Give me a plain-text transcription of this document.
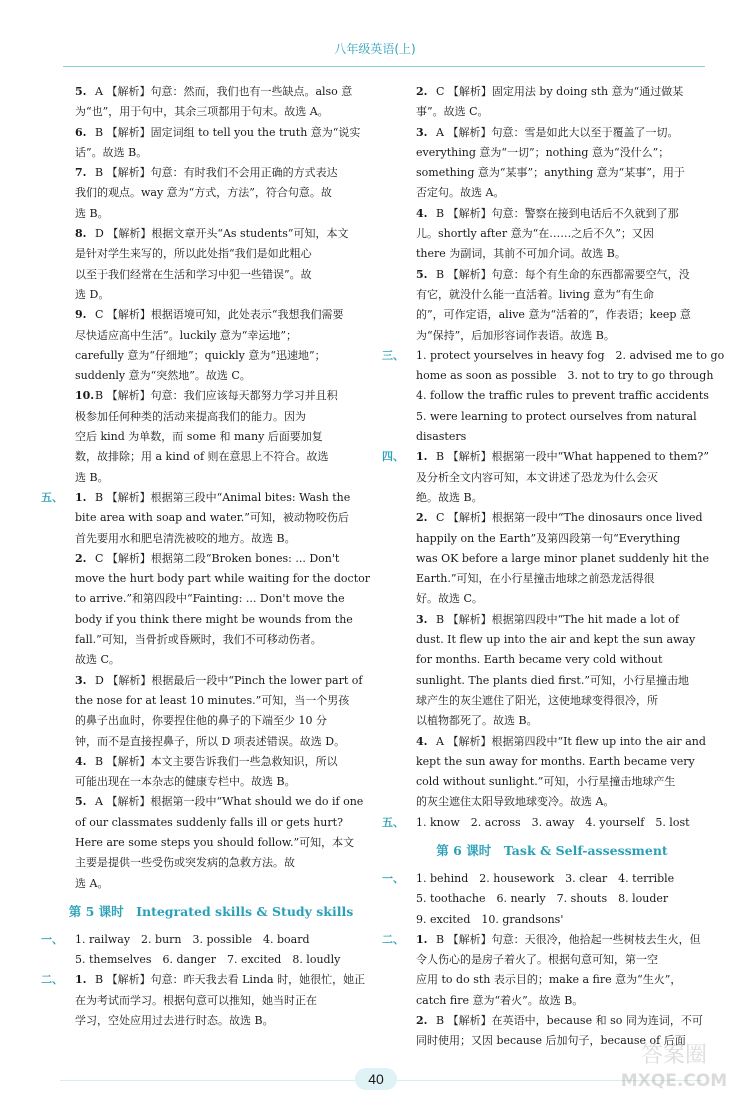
八年级英语(上)
5. A 【解析】句意：然而，我们也有一些缺点。also 意
为“也”，用于句中，其余三项都用于句末。故选 A。
6. B 【解析】固定词组 to tell you the truth 意为“说实
话”。故选 B。
7. B 【解析】句意：有时我们不会用正确的方式表达
我们的观点。way 意为“方式，方法”，符合句意。故
选 B。
8. D 【解析】根据文章开头“As students”可知，本文
是针对学生来写的，所以此处指“我们是如此粗心
以至于我们经常在生活和学习中犯一些错误”。故
选 D。
9. C 【解析】根据语境可知，此处表示“我想我们需要
尽快适应高中生活”。luckily 意为“幸运地”；
carefully 意为“仔细地”；quickly 意为“迅速地”；
suddenly 意为“突然地”。故选 C。
10. B 【解析】句意：我们应该每天都努力学习并且积
极参加任何种类的活动来提高我们的能力。因为
空后 kind 为单数，而 some 和 many 后面要加复
数，故排除；用 a kind of 则在意思上不符合。故选
选 B。
五、 1. B 【解析】根据第三段中“Animal bites: Wash the
bite area with soap and water.”可知，被动物咬伤后
首先要用水和肥皂清洗被咬的地方。故选 B。
2. C 【解析】根据第二段“Broken bones: ... Don't
move the hurt body part while waiting for the doctor
to arrive.”和第四段中“Fainting: ... Don't move the
body if you think there might be wounds from the
fall.”可知，当骨折或昏厥时，我们不可移动伤者。
故选 C。
3. D 【解析】根据最后一段中“Pinch the lower part of
the nose for at least 10 minutes.”可知，当一个男孩
的鼻子出血时，你要捏住他的鼻子的下端至少 10 分
钟，而不是直接捏鼻子，所以 D 项表述错误。故选 D。
4. B 【解析】本文主要告诉我们一些急救知识，所以
可能出现在一本杂志的健康专栏中。故选 B。
5. A 【解析】根据第一段中“What should we do if one
of our classmates suddenly falls ill or gets hurt?
Here are some steps you should follow.”可知，本文
主要是提供一些受伤或突发病的急救方法。故
选 A。
第 5 课时　Integrated skills & Study skills
一、	1. railway　2. burn　3. possible　4. board
5. themselves　6. danger　7. excited　8. loudly
二、 1. B 【解析】句意：昨天我去看 Linda 时，她很忙，她正
在为考试而学习。根据句意可以推知，她当时正在
学习，空处应用过去进行时态。故选 B。
2. C 【解析】固定用法 by doing sth 意为“通过做某
事”。故选 C。
3. A 【解析】句意：雪是如此大以至于覆盖了一切。
everything 意为“一切”；nothing 意为“没什么”；
something 意为“某事”；anything 意为“某事”，用于
否定句。故选 A。
4. B 【解析】句意：警察在接到电话后不久就到了那
儿。shortly after 意为“在……之后不久”；又因
there 为副词，其前不可加介词。故选 B。
5. B 【解析】句意：每个有生命的东西都需要空气，没
有它，就没什么能一直活着。living 意为“有生命
的”，可作定语，alive 意为“活着的”，作表语；keep 意
为“保持”，后加形容词作表语。故选 B。
三、	1. protect yourselves in heavy fog　2. advised me to go
home as soon as possible　3. not to try to go through
4. follow the traffic rules to prevent traffic accidents
5. were learning to protect ourselves from natural
disasters
四、 1. B 【解析】根据第一段中“What happened to them?”
及分析全文内容可知，本文讲述了恐龙为什么会灭
绝。故选 B。
2. C 【解析】根据第一段中“The dinosaurs once lived
happily on the Earth”及第四段第一句“Everything
was OK before a large minor planet suddenly hit the
Earth.”可知，在小行星撞击地球之前恐龙活得很
好。故选 C。
3. B 【解析】根据第四段中“The hit made a lot of
dust. It flew up into the air and kept the sun away
for months. Earth became very cold without
sunlight. The plants died first.”可知，小行星撞击地
球产生的灰尘遮住了阳光，这使地球变得很冷，所
以植物都死了。故选 B。
4. A 【解析】根据第四段中“It flew up into the air and
kept the sun away for months. Earth became very
cold without sunlight.”可知，小行星撞击地球产生
的灰尘遮住太阳导致地球变冷。故选 A。
五、	1. know　2. across　3. away　4. yourself　5. lost
第 6 课时　Task & Self-assessment
一、	1. behind　2. housework　3. clear　4. terrible
5. toothache　6. nearly　7. shouts　8. louder
9. excited　10. grandsons'
二、 1. B 【解析】句意：天很冷，他拾起一些树枝去生火，但
令人伤心的是房子着火了。根据句意可知，第一空
应用 to do sth 表示目的；make a fire 意为“生火”，
catch fire 意为“着火”。故选 B。
2. B 【解析】在英语中，because 和 so 同为连词，不可
同时使用；又因 because 后加句子，because of 后面
40
答案圈
MXQE.COM
